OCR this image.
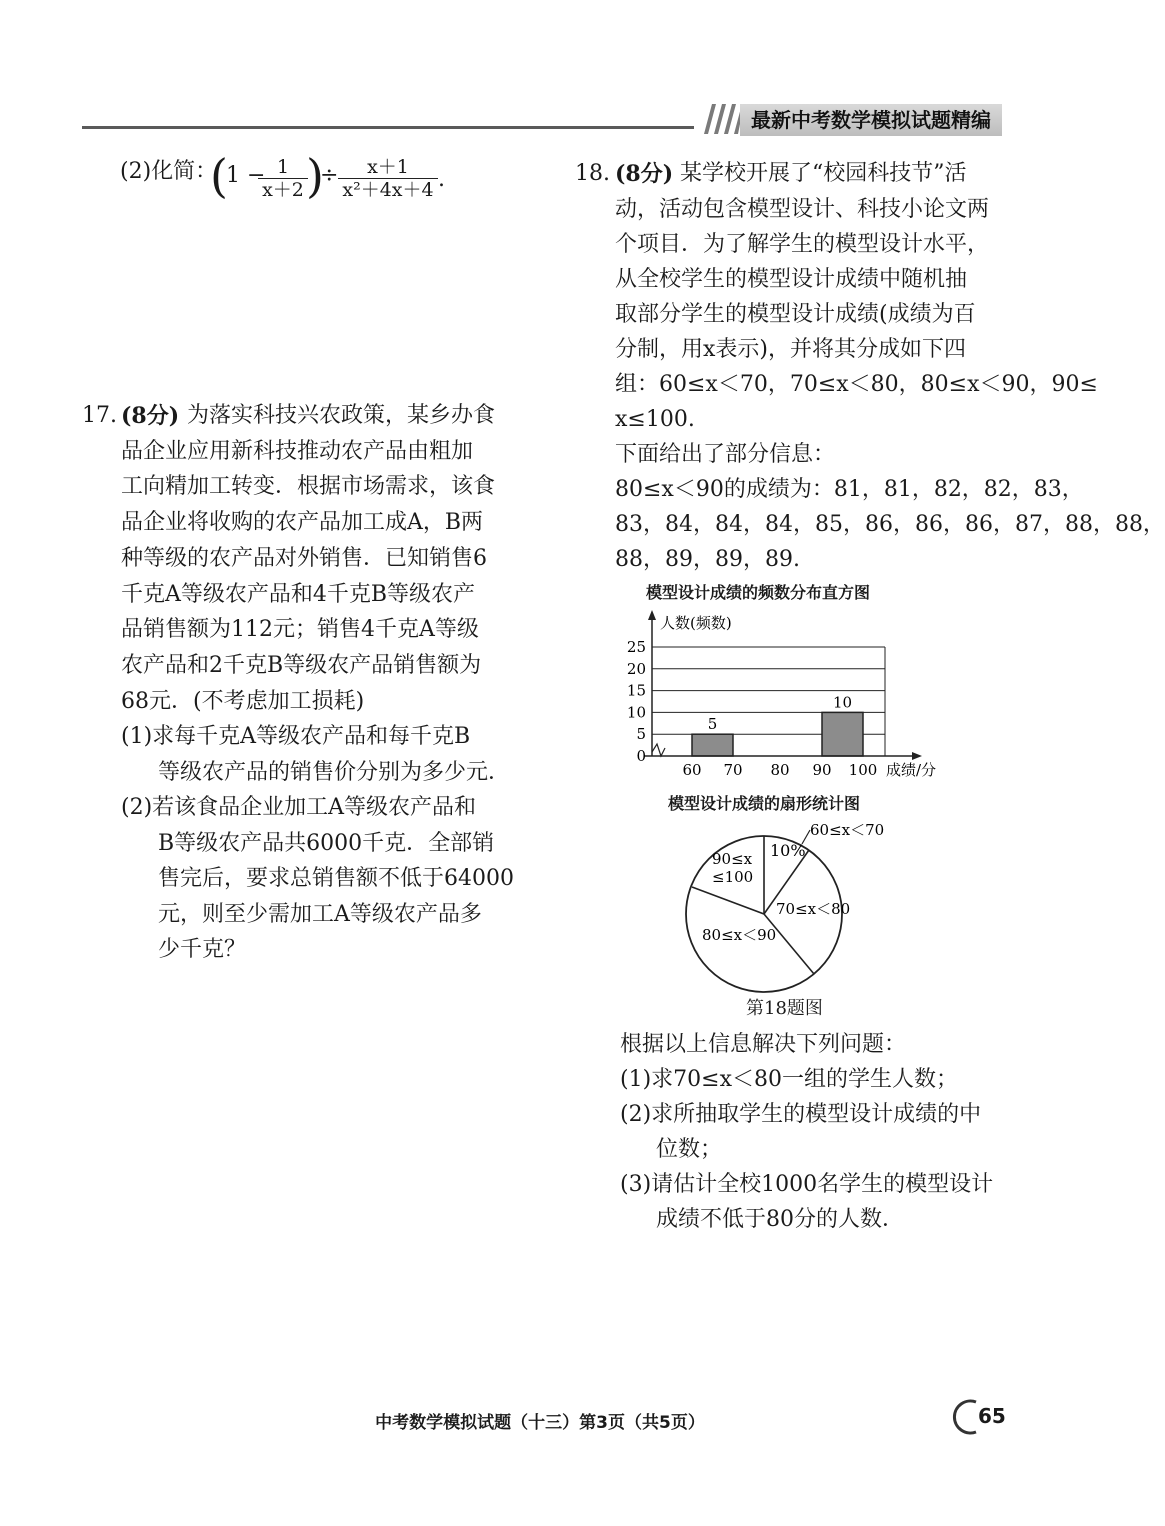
最新中考数学模拟试题精编
(2)化简：
(
1 −
$\frac{1}{x+2}$
)
÷ $\frac{x+1}{\text{x²＋4x＋4}}$ .
17. (8分) 为落实科技兴农政策，某乡办食
品企业应用新科技推动农产品由粗加
工向精加工转变．根据市场需求，该食
品企业将收购的农产品加工成A，B两
种等级的农产品对外销售．已知销售6
千克A等级农产品和4千克B等级农产
品销售额为112元；销售4千克A等级
农产品和2千克B等级农产品销售额为
68元．(不考虑加工损耗)
(1)求每千克A等级农产品和每千克B
等级农产品的销售价分别为多少元．
(2)若该食品企业加工A等级农产品和
B等级农产品共6000千克．全部销
售完后，要求总销售额不低于64000
元，则至少需加工A等级农产品多
少千克？
18. (8分) 某学校开展了“校园科技节”活
动，活动包含模型设计、科技小论文两
个项目．为了解学生的模型设计水平，
从全校学生的模型设计成绩中随机抽
取部分学生的模型设计成绩(成绩为百
分制，用x表示)，并将其分成如下四
组：60≤x＜70，70≤x＜80，80≤x＜90，90≤
x≤100.
下面给出了部分信息：
80≤x＜90的成绩为：81，81，82，82，83，
83，84，84，84，85，86，86，86，87，88，88，
88，89，89，89.
模型设计成绩的频数分布直方图
5
10
人数(频数)
成绩/分
0
5
10
15
20
25
60 70 80 90 100
模型设计成绩的扇形统计图
60≤x＜70
10%
70≤x＜80
80≤x＜90
90≤x
≤100
第18题图
根据以上信息解决下列问题：
(1)求70≤x＜80一组的学生人数；
(2)求所抽取学生的模型设计成绩的中
位数；
(3)请估计全校1000名学生的模型设计
成绩不低于80分的人数．
中考数学模拟试题（十三）第3页（共5页）	65
